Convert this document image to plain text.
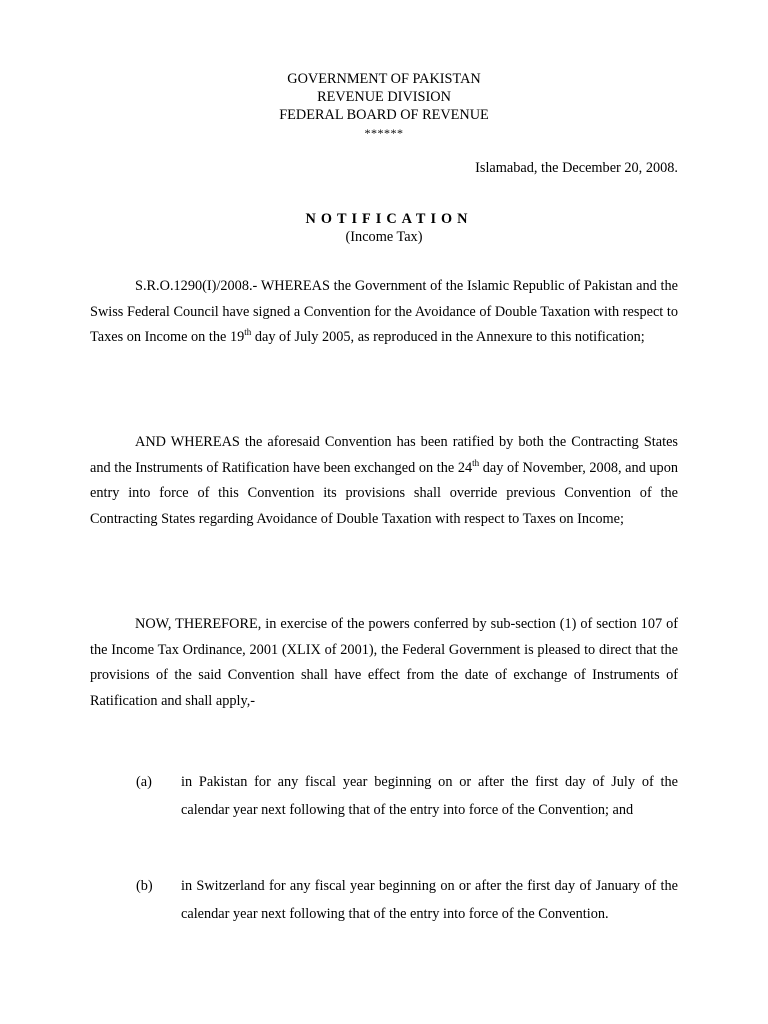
GOVERNMENT OF PAKISTAN
REVENUE DIVISION
FEDERAL BOARD OF REVENUE
******
Islamabad, the December 20, 2008.
NOTIFICATION
(Income Tax)

S.R.O.1290(I)/2008.- WHEREAS the Government of the Islamic Republic of Pakistan and the Swiss Federal Council have signed a Convention for the Avoidance of Double Taxation with respect to Taxes on Income on the 19th day of July 2005, as reproduced in the Annexure to this notification;

AND WHEREAS the aforesaid Convention has been ratified by both the Contracting States and the Instruments of Ratification have been exchanged on the 24th day of November, 2008, and upon entry into force of this Convention its provisions shall override previous Convention of the Contracting States regarding Avoidance of Double Taxation with respect to Taxes on Income;

NOW, THEREFORE, in exercise of the powers conferred by sub-section (1) of section 107 of the Income Tax Ordinance, 2001 (XLIX of 2001), the Federal Government is pleased to direct that the provisions of the said Convention shall have effect from the date of exchange of Instruments of Ratification and shall apply,-

(a) in Pakistan for any fiscal year beginning on or after the first day of July of the calendar year next following that of the entry into force of the Convention; and
(b) in Switzerland for any fiscal year beginning on or after the first day of January of the calendar year next following that of the entry into force of the Convention.
